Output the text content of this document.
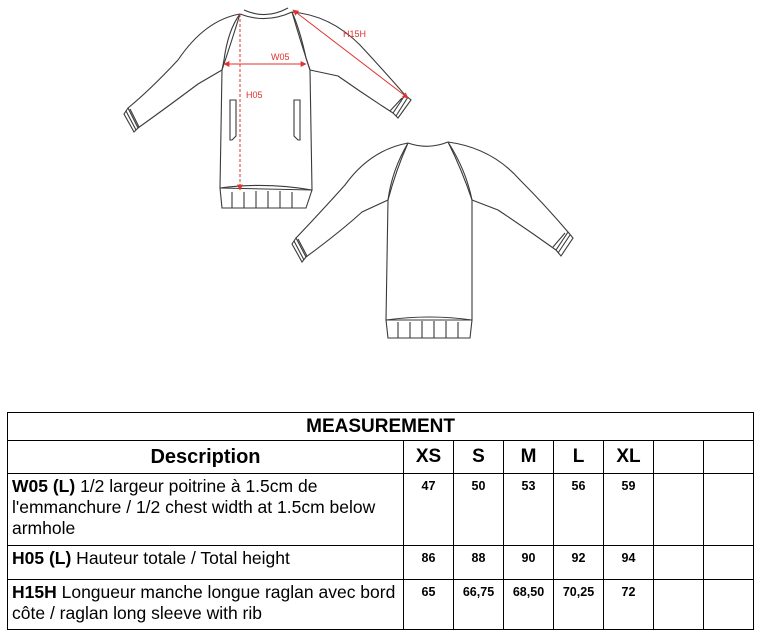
H15H
W05
H05
MEASUREMENT							
Description	XS	S	M	L	XL		
W05 (L) 1/2 largeur poitrine à 1.5cm de l'emmanchure / 1/2 chest width at 1.5cm below armhole	47	50	53	56	59		
H05 (L) Hauteur totale / Total height	86	88	90	92	94		
H15H Longueur manche longue raglan avec bord côte / raglan long sleeve with rib	65	66,75	68,50	70,25	72		
